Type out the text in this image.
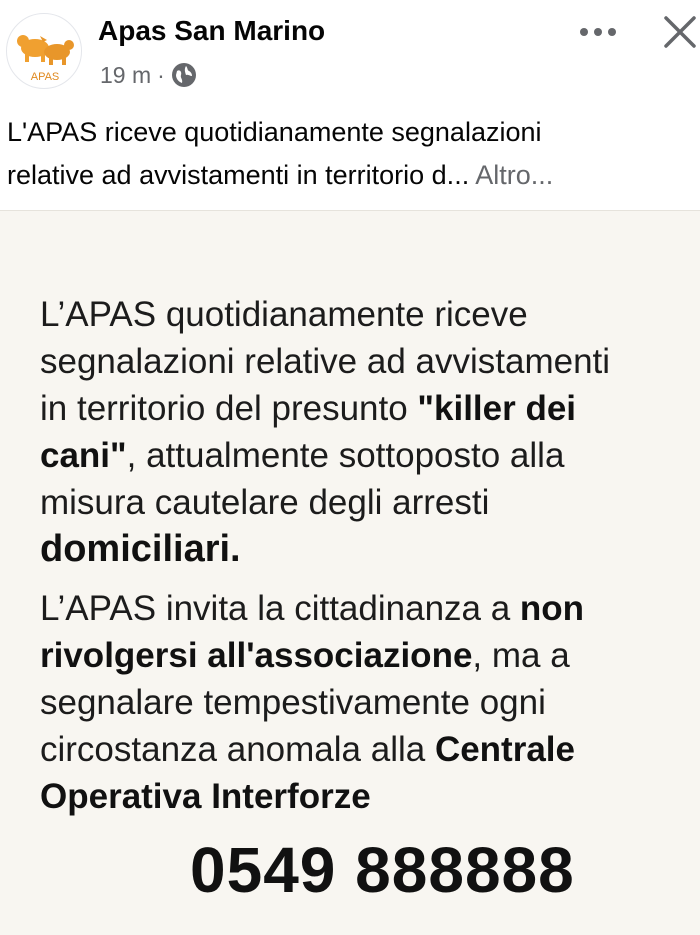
APAS
Apas San Marino
19 m ·
L'APAS riceve quotidianamente segnalazioni
relative ad avvistamenti in territorio d... Altro...

L’APAS quotidianamente riceve
segnalazioni relative ad avvistamenti
in territorio del presunto "killer dei
cani", attualmente sottoposto alla
misura cautelare degli arresti
domiciliari.

L’APAS invita la cittadinanza a non
rivolgersi all'associazione, ma a
segnalare tempestivamente ogni
circostanza anomala alla Centrale
Operativa Interforze

0549 888888
